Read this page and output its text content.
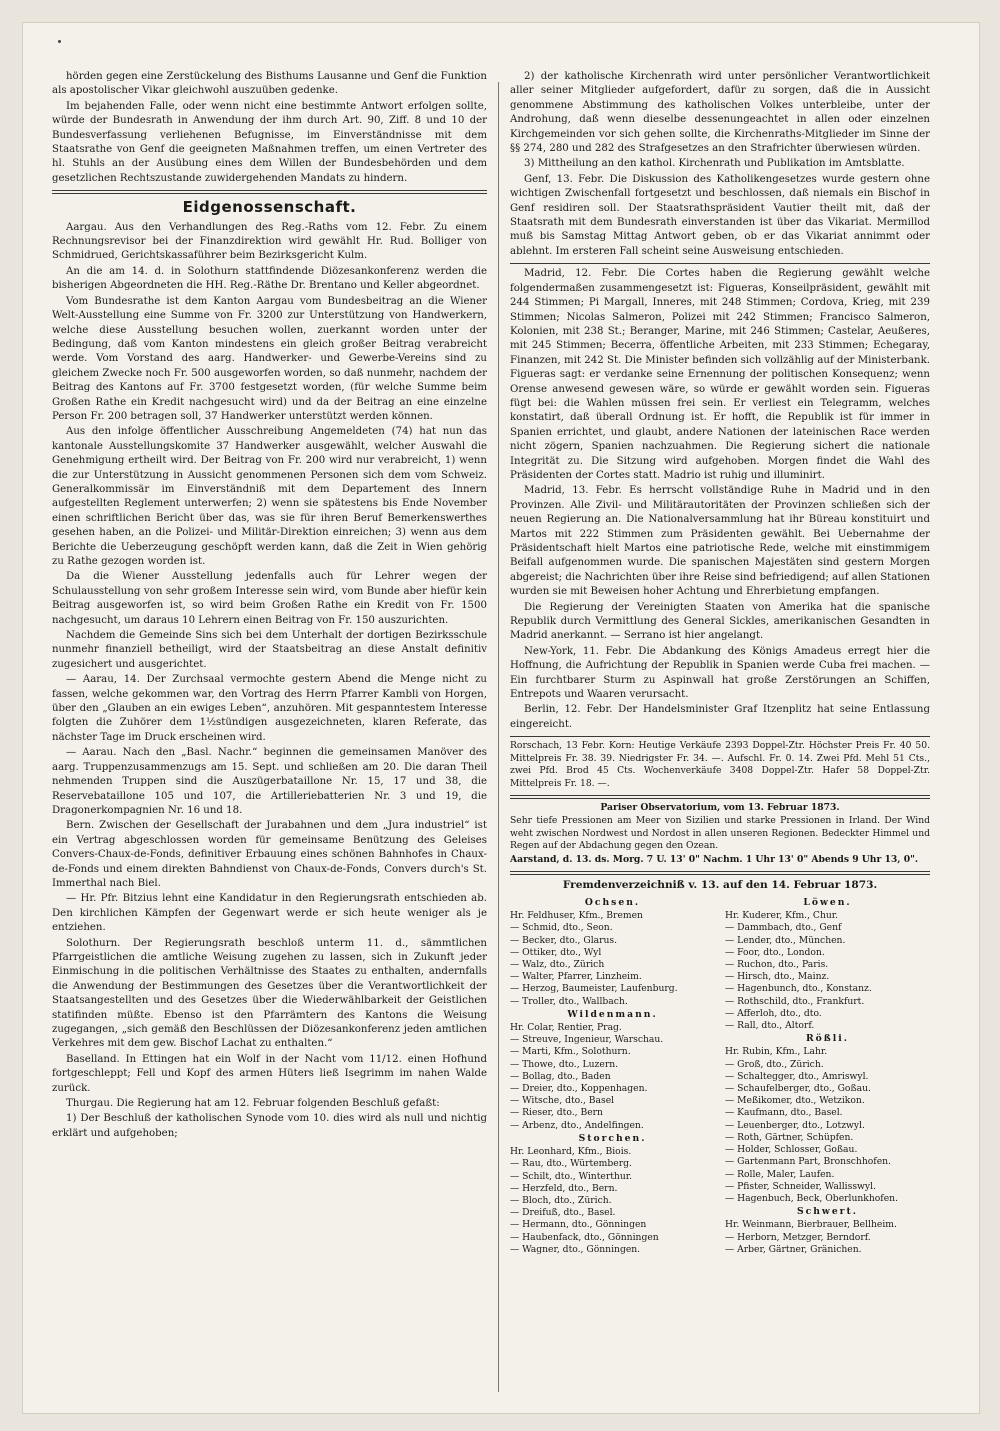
hörden gegen eine Zerstückelung des Bisthums Lausanne und Genf die Funktion als apostolischer Vikar gleichwohl auszuüben gedenke.

Im bejahenden Falle, oder wenn nicht eine bestimmte Antwort erfolgen sollte, würde der Bundesrath in Anwendung der ihm durch Art. 90, Ziff. 8 und 10 der Bundesverfassung verliehenen Befugnisse, im Einverständnisse mit dem Staatsrathe von Genf die geeigneten Maßnahmen treffen, um einen Vertreter des hl. Stuhls an der Ausübung eines dem Willen der Bundesbehörden und dem gesetzlichen Rechtszustande zuwidergehenden Mandats zu hindern.

Eidgenossenschaft.

Aargau. Aus den Verhandlungen des Reg.-Raths vom 12. Febr. Zu einem Rechnungsrevisor bei der Finanzdirektion wird gewählt Hr. Rud. Bolliger von Schmidrued, Gerichtskassaführer beim Bezirksgericht Kulm.

An die am 14. d. in Solothurn stattfindende Diözesankonferenz werden die bisherigen Abgeordneten die HH. Reg.-Räthe Dr. Brentano und Keller abgeordnet.

Vom Bundesrathe ist dem Kanton Aargau vom Bundesbeitrag an die Wiener Welt-Ausstellung eine Summe von Fr. 3200 zur Unterstützung von Handwerkern, welche diese Ausstellung besuchen wollen, zuerkannt worden unter der Bedingung, daß vom Kanton mindestens ein gleich großer Beitrag verabreicht werde. Vom Vorstand des aarg. Handwerker- und Gewerbe-Vereins sind zu gleichem Zwecke noch Fr. 500 ausgeworfen worden, so daß nunmehr, nachdem der Beitrag des Kantons auf Fr. 3700 festgesetzt worden, (für welche Summe beim Großen Rathe ein Kredit nachgesucht wird) und da der Beitrag an eine einzelne Person Fr. 200 betragen soll, 37 Handwerker unterstützt werden können.

Aus den infolge öffentlicher Ausschreibung Angemeldeten (74) hat nun das kantonale Ausstellungskomite 37 Handwerker ausgewählt, welcher Auswahl die Genehmigung ertheilt wird. Der Beitrag von Fr. 200 wird nur verabreicht, 1) wenn die zur Unterstützung in Aussicht genommenen Personen sich dem vom Schweiz. Generalkommissär im Einverständniß mit dem Departement des Innern aufgestellten Reglement unterwerfen; 2) wenn sie spätestens bis Ende November einen schriftlichen Bericht über das, was sie für ihren Beruf Bemerkenswerthes gesehen haben, an die Polizei- und Militär-Direktion einreichen; 3) wenn aus dem Berichte die Ueberzeugung geschöpft werden kann, daß die Zeit in Wien gehörig zu Rathe gezogen worden ist.

Da die Wiener Ausstellung jedenfalls auch für Lehrer wegen der Schulausstellung von sehr großem Interesse sein wird, vom Bunde aber hiefür kein Beitrag ausgeworfen ist, so wird beim Großen Rathe ein Kredit von Fr. 1500 nachgesucht, um daraus 10 Lehrern einen Beitrag von Fr. 150 auszurichten.

Nachdem die Gemeinde Sins sich bei dem Unterhalt der dortigen Bezirksschule nunmehr finanziell betheiligt, wird der Staatsbeitrag an diese Anstalt definitiv zugesichert und ausgerichtet.

— Aarau, 14. Der Zurchsaal vermochte gestern Abend die Menge nicht zu fassen, welche gekommen war, den Vortrag des Herrn Pfarrer Kambli von Horgen, über den „Glauben an ein ewiges Leben“, anzuhören. Mit gespanntestem Interesse folgten die Zuhörer dem 1½stündigen ausgezeichneten, klaren Referate, das nächster Tage im Druck erscheinen wird.

— Aarau. Nach den „Basl. Nachr.“ beginnen die gemeinsamen Manöver des aarg. Truppenzusammenzugs am 15. Sept. und schließen am 20. Die daran Theil nehmenden Truppen sind die Auszügerbataillone Nr. 15, 17 und 38, die Reservebataillone 105 und 107, die Artilleriebatterien Nr. 3 und 19, die Dragonerkompagnien Nr. 16 und 18.

Bern. Zwischen der Gesellschaft der Jurabahnen und dem „Jura industriel“ ist ein Vertrag abgeschlossen worden für gemeinsame Benützung des Geleises Convers-Chaux-de-Fonds, definitiver Erbauung eines schönen Bahnhofes in Chaux-de-Fonds und einem direkten Bahndienst von Chaux-de-Fonds, Convers durch's St. Immerthal nach Biel.

— Hr. Pfr. Bitzius lehnt eine Kandidatur in den Regierungsrath entschieden ab. Den kirchlichen Kämpfen der Gegenwart werde er sich heute weniger als je entziehen.

Solothurn. Der Regierungsrath beschloß unterm 11. d., sämmtlichen Pfarrgeistlichen die amtliche Weisung zugehen zu lassen, sich in Zukunft jeder Einmischung in die politischen Verhältnisse des Staates zu enthalten, andernfalls die Anwendung der Bestimmungen des Gesetzes über die Verantwortlichkeit der Staatsangestellten und des Gesetzes über die Wiederwählbarkeit der Geistlichen statifinden müßte. Ebenso ist den Pfarrämtern des Kantons die Weisung zugegangen, „sich gemäß den Beschlüssen der Diözesankonferenz jeden amtlichen Verkehres mit dem gew. Bischof Lachat zu enthalten.“

Baselland. In Ettingen hat ein Wolf in der Nacht vom 11/12. einen Hofhund fortgeschleppt; Fell und Kopf des armen Hüters ließ Isegrimm im nahen Walde zurück.

Thurgau. Die Regierung hat am 12. Februar folgenden Beschluß gefaßt:

1) Der Beschluß der katholischen Synode vom 10. dies wird als null und nichtig erklärt und aufgehoben;

2) der katholische Kirchenrath wird unter persönlicher Verantwortlichkeit aller seiner Mitglieder aufgefordert, dafür zu sorgen, daß die in Aussicht genommene Abstimmung des katholischen Volkes unterbleibe, unter der Androhung, daß wenn dieselbe dessenungeachtet in allen oder einzelnen Kirchgemeinden vor sich gehen sollte, die Kirchenraths-Mitglieder im Sinne der §§ 274, 280 und 282 des Strafgesetzes an den Strafrichter überwiesen würden.

3) Mittheilung an den kathol. Kirchenrath und Publikation im Amtsblatte.

Genf, 13. Febr. Die Diskussion des Katholikengesetzes wurde gestern ohne wichtigen Zwischenfall fortgesetzt und beschlossen, daß niemals ein Bischof in Genf residiren soll. Der Staatsrathspräsident Vautier theilt mit, daß der Staatsrath mit dem Bundesrath einverstanden ist über das Vikariat. Mermillod muß bis Samstag Mittag Antwort geben, ob er das Vikariat annimmt oder ablehnt. Im ersteren Fall scheint seine Ausweisung entschieden.

Madrid, 12. Febr. Die Cortes haben die Regierung gewählt welche folgendermaßen zusammengesetzt ist: Figueras, Konseilpräsident, gewählt mit 244 Stimmen; Pi Margall, Inneres, mit 248 Stimmen; Cordova, Krieg, mit 239 Stimmen; Nicolas Salmeron, Polizei mit 242 Stimmen; Francisco Salmeron, Kolonien, mit 238 St.; Beranger, Marine, mit 246 Stimmen; Castelar, Aeußeres, mit 245 Stimmen; Becerra, öffentliche Arbeiten, mit 233 Stimmen; Echegaray, Finanzen, mit 242 St. Die Minister befinden sich vollzählig auf der Ministerbank. Figueras sagt: er verdanke seine Ernennung der politischen Konsequenz; wenn Orense anwesend gewesen wäre, so würde er gewählt worden sein. Figueras fügt bei: die Wahlen müssen frei sein. Er verliest ein Telegramm, welches konstatirt, daß überall Ordnung ist. Er hofft, die Republik ist für immer in Spanien errichtet, und glaubt, andere Nationen der lateinischen Race werden nicht zögern, Spanien nachzuahmen. Die Regierung sichert die nationale Integrität zu. Die Sitzung wird aufgehoben. Morgen findet die Wahl des Präsidenten der Cortes statt. Madrio ist ruhig und illuminirt.

Madrid, 13. Febr. Es herrscht vollständige Ruhe in Madrid und in den Provinzen. Alle Zivil- und Militärautoritäten der Provinzen schließen sich der neuen Regierung an. Die Nationalversammlung hat ihr Büreau konstituirt und Martos mit 222 Stimmen zum Präsidenten gewählt. Bei Uebernahme der Präsidentschaft hielt Martos eine patriotische Rede, welche mit einstimmigem Beifall aufgenommen wurde. Die spanischen Majestäten sind gestern Morgen abgereist; die Nachrichten über ihre Reise sind befriedigend; auf allen Stationen wurden sie mit Beweisen hoher Achtung und Ehrerbietung empfangen.

Die Regierung der Vereinigten Staaten von Amerika hat die spanische Republik durch Vermittlung des General Sickles, amerikanischen Gesandten in Madrid anerkannt. — Serrano ist hier angelangt.

New-York, 11. Febr. Die Abdankung des Königs Amadeus erregt hier die Hoffnung, die Aufrichtung der Republik in Spanien werde Cuba frei machen. — Ein furchtbarer Sturm zu Aspinwall hat große Zerstörungen an Schiffen, Entrepots und Waaren verursacht.

Berlin, 12. Febr. Der Handelsminister Graf Itzenplitz hat seine Entlassung eingereicht.

Rorschach, 13 Febr. Korn: Heutige Verkäufe 2393 Doppel-Ztr. Höchster Preis Fr. 40 50. Mittelpreis Fr. 38. 39. Niedrigster Fr. 34. —. Aufschl. Fr. 0. 14. Zwei Pfd. Mehl 51 Cts., zwei Pfd. Brod 45 Cts. Wochenverkäufe 3408 Doppel-Ztr. Hafer 58 Doppel-Ztr. Mittelpreis Fr. 18. —.

Pariser Observatorium, vom 13. Februar 1873.

Sehr tiefe Pressionen am Meer von Sizilien und starke Pressionen in Irland. Der Wind weht zwischen Nordwest und Nordost in allen unseren Regionen. Bedeckter Himmel und Regen auf der Abdachung gegen den Ozean.

Aarstand, d. 13. ds. Morg. 7 U. 13' 0" Nachm. 1 Uhr 13' 0" Abends 9 Uhr 13, 0".

Fremdenverzeichniß v. 13. auf den 14. Februar 1873.
Ochsen.
Hr. Feldhuser, Kfm., Bremen
— Schmid, dto., Seon.
— Becker, dto., Glarus.
— Ottiker, dto., Wyl
— Walz, dto., Zürich
— Walter, Pfarrer, Linzheim.
— Herzog, Baumeister, Laufenburg.
— Troller, dto., Wallbach.
Wildenmann.
Hr. Colar, Rentier, Prag.
— Streuve, Ingenieur, Warschau.
— Marti, Kfm., Solothurn.
— Thowe, dto., Luzern.
— Bollag, dto., Baden
— Dreier, dto., Koppenhagen.
— Witsche, dto., Basel
— Rieser, dto., Bern
— Arbenz, dto., Andelfingen.
Storchen.
Hr. Leonhard, Kfm., Biois.
— Rau, dto., Würtemberg.
— Schilt, dto., Winterthur.
— Herzfeld, dto., Bern.
— Bloch, dto., Zürich.
— Dreifuß, dto., Basel.
— Hermann, dto., Gönningen
— Haubenfack, dto., Gönningen
— Wagner, dto., Gönningen.
Löwen.
Hr. Kuderer, Kfm., Chur.
— Dammbach, dto., Genf
— Lender, dto., München.
— Foor, dto., London.
— Ruchon, dto., Paris.
— Hirsch, dto., Mainz.
— Hagenbunch, dto., Konstanz.
— Rothschild, dto., Frankfurt.
— Afferloh, dto., dto.
— Rall, dto., Altorf.
Rößli.
Hr. Rubin, Kfm., Lahr.
— Groß, dto., Zürich.
— Schaltegger, dto., Amriswyl.
— Schaufelberger, dto., Goßau.
— Meßikomer, dto., Wetzikon.
— Kaufmann, dto., Basel.
— Leuenberger, dto., Lotzwyl.
— Roth, Gärtner, Schüpfen.
— Holder, Schlosser, Goßau.
— Gartenmann Part, Bronschhofen.
— Rolle, Maler, Laufen.
— Pfister, Schneider, Wallisswyl.
— Hagenbuch, Beck, Oberlunkhofen.
Schwert.
Hr. Weinmann, Bierbrauer, Bellheim.
— Herborn, Metzger, Berndorf.
— Arber, Gärtner, Gränichen.
